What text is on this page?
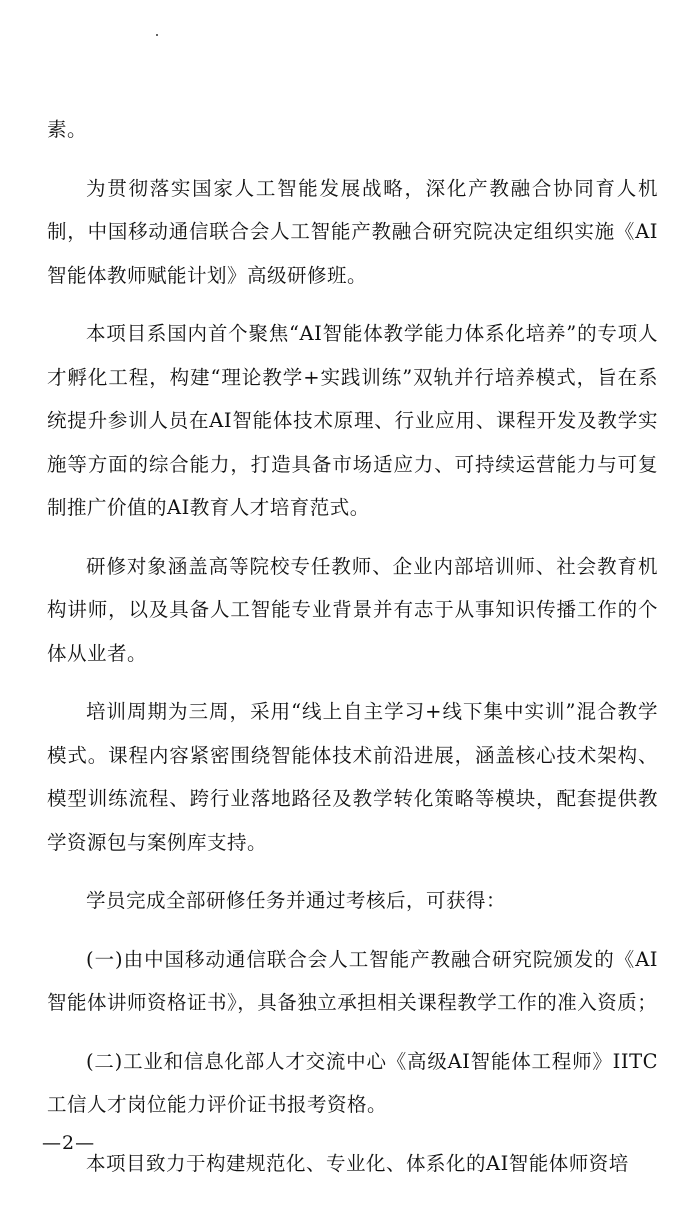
素。

为贯彻落实国家人工智能发展战略，深化产教融合协同育人机制，中国移动通信联合会人工智能产教融合研究院决定组织实施《AI智能体教师赋能计划》高级研修班。

本项目系国内首个聚焦“AI智能体教学能力体系化培养”的专项人才孵化工程，构建“理论教学+实践训练”双轨并行培养模式，旨在系统提升参训人员在AI智能体技术原理、行业应用、课程开发及教学实施等方面的综合能力，打造具备市场适应力、可持续运营能力与可复制推广价值的AI教育人才培育范式。

研修对象涵盖高等院校专任教师、企业内部培训师、社会教育机构讲师，以及具备人工智能专业背景并有志于从事知识传播工作的个体从业者。

培训周期为三周，采用“线上自主学习+线下集中实训”混合教学模式。课程内容紧密围绕智能体技术前沿进展，涵盖核心技术架构、模型训练流程、跨行业落地路径及教学转化策略等模块，配套提供教学资源包与案例库支持。

学员完成全部研修任务并通过考核后，可获得：

(一)由中国移动通信联合会人工智能产教融合研究院颁发的《AI智能体讲师资格证书》，具备独立承担相关课程教学工作的准入资质；

(二)工业和信息化部人才交流中心《高级AI智能体工程师》IITC工信人才岗位能力评价证书报考资格。

本项目致力于构建规范化、专业化、体系化的AI智能体师资培

—2—
